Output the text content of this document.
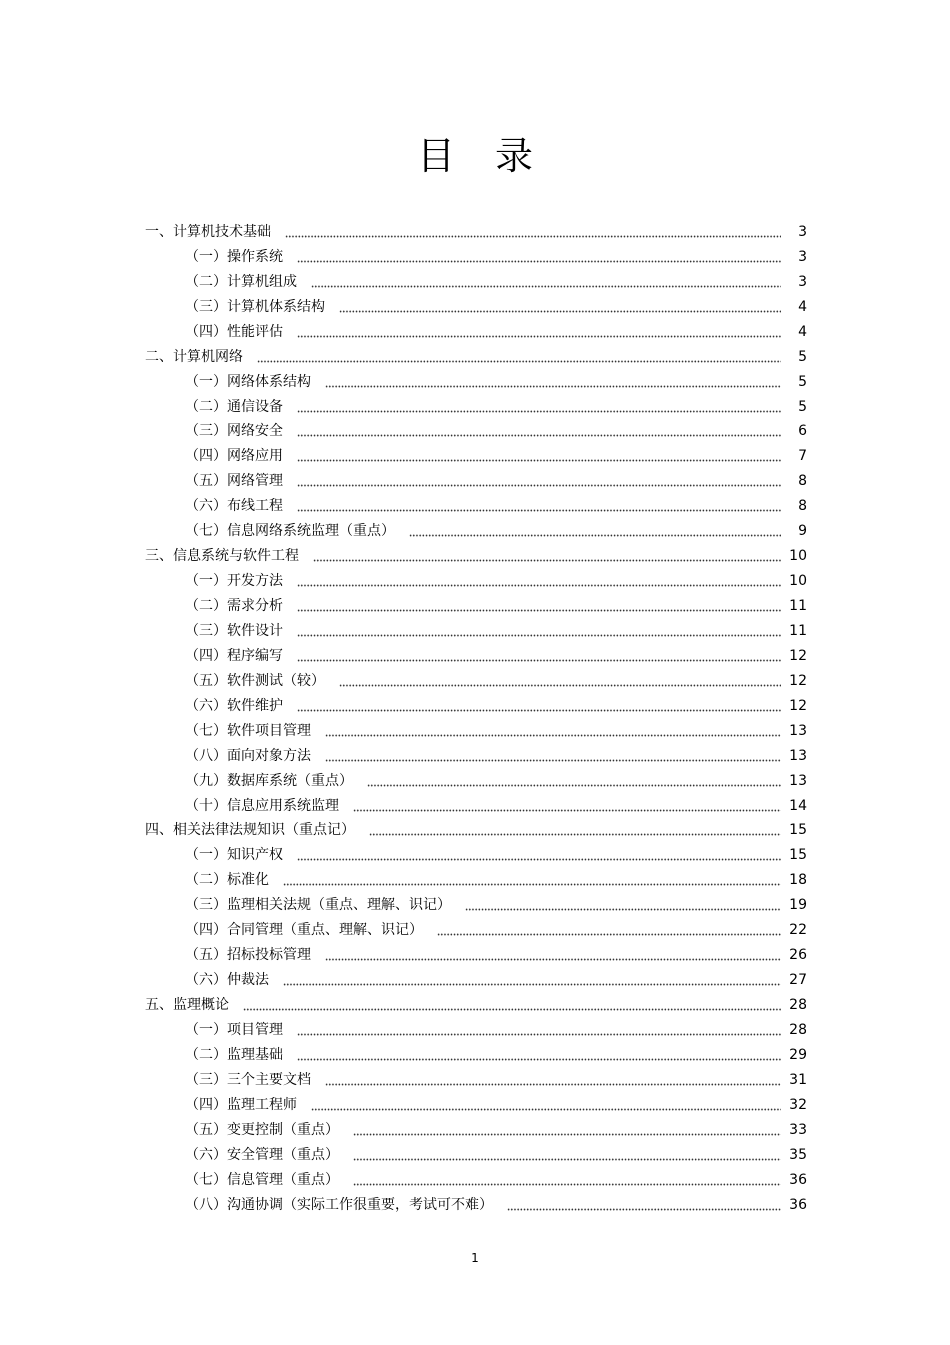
目录
一、计算机技术基础	3
（一）操作系统	3
（二）计算机组成	3
（三）计算机体系结构	4
（四）性能评估	4
二、计算机网络	5
（一）网络体系结构	5
（二）通信设备	5
（三）网络安全	6
（四）网络应用	7
（五）网络管理	8
（六）布线工程	8
（七）信息网络系统监理（重点）	9
三、信息系统与软件工程	10
（一）开发方法	10
（二）需求分析	11
（三）软件设计	11
（四）程序编写	12
（五）软件测试（较）	12
（六）软件维护	12
（七）软件项目管理	13
（八）面向对象方法	13
（九）数据库系统（重点）	13
（十）信息应用系统监理	14
四、相关法律法规知识（重点记）	15
（一）知识产权	15
（二）标准化	18
（三）监理相关法规（重点、理解、识记）	19
（四）合同管理（重点、理解、识记）	22
（五）招标投标管理	26
（六）仲裁法	27
五、监理概论	28
（一）项目管理	28
（二）监理基础	29
（三）三个主要文档	31
（四）监理工程师	32
（五）变更控制（重点）	33
（六）安全管理（重点）	35
（七）信息管理（重点）	36
（八）沟通协调（实际工作很重要，考试可不难）	36
1
